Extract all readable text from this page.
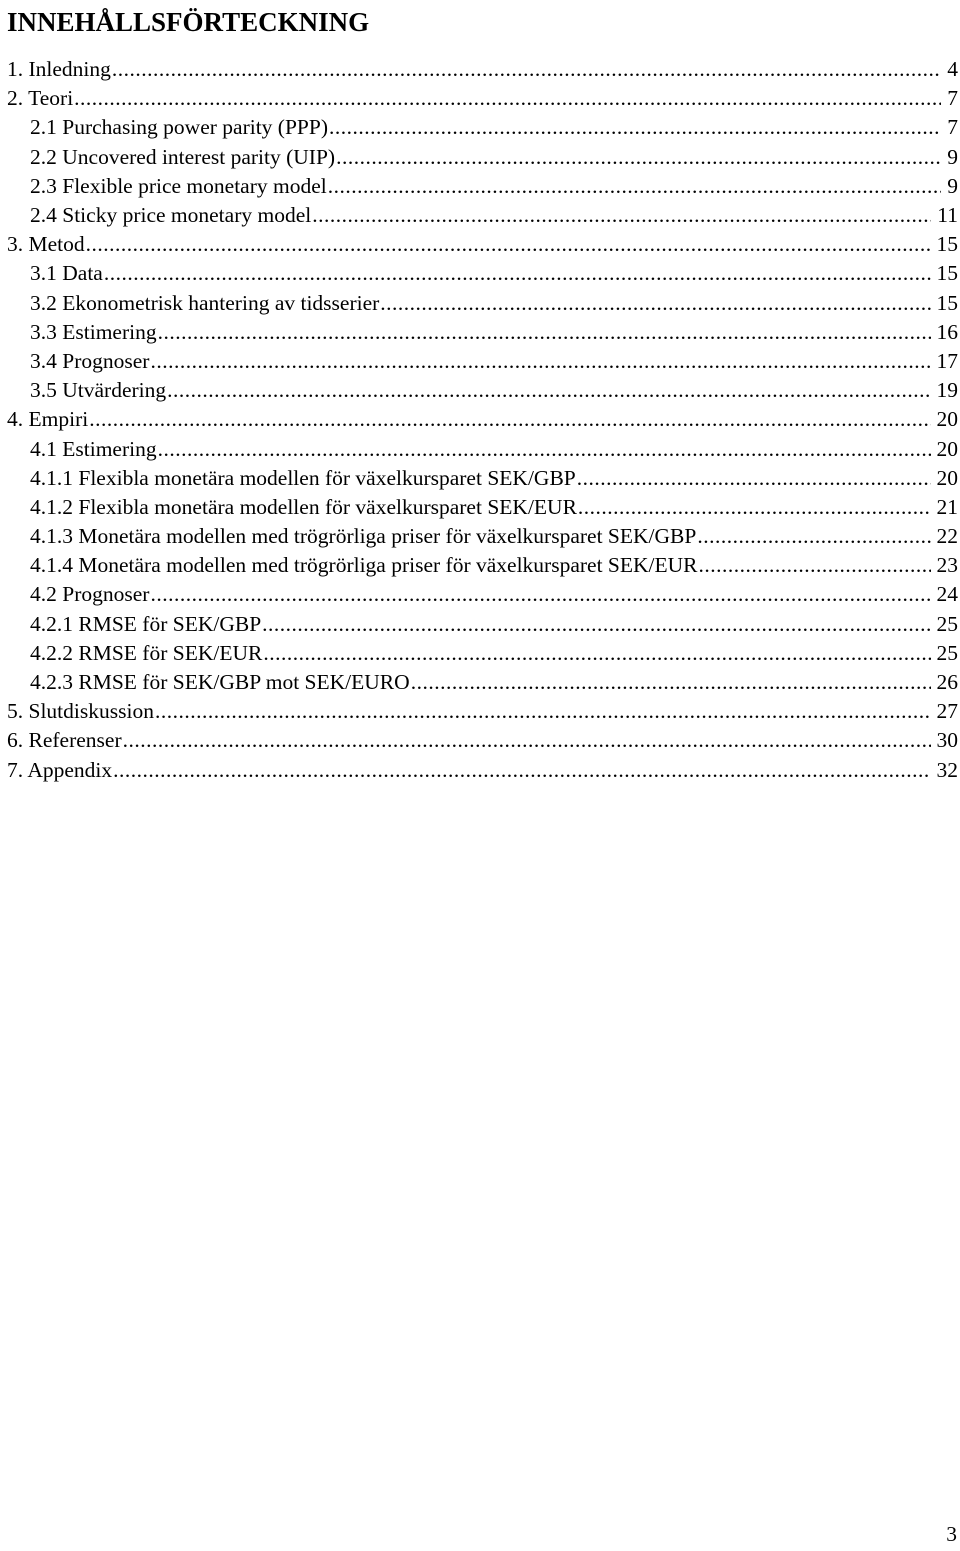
INNEHÅLLSFÖRTECKNING
1. Inledning .....	4
2. Teori .....	7
2.1 Purchasing power parity (PPP) .....	7
2.2 Uncovered interest parity (UIP) .....	9
2.3 Flexible price monetary model .....	9
2.4 Sticky price monetary model .....	11
3. Metod .....	15
3.1 Data .....	15
3.2 Ekonometrisk hantering av tidsserier .....	15
3.3 Estimering .....	16
3.4 Prognoser .....	17
3.5 Utvärdering .....	19
4. Empiri .....	20
4.1 Estimering .....	20
4.1.1 Flexibla monetära modellen för växelkursparet SEK/GBP .....	20
4.1.2 Flexibla monetära modellen för växelkursparet SEK/EUR .....	21
4.1.3 Monetära modellen med trögrörliga priser för växelkursparet SEK/GBP .....	22
4.1.4 Monetära modellen med trögrörliga priser för växelkursparet SEK/EUR .....	23
4.2 Prognoser .....	24
4.2.1 RMSE för SEK/GBP .....	25
4.2.2 RMSE för SEK/EUR .....	25
4.2.3 RMSE för SEK/GBP mot SEK/EURO .....	26
5. Slutdiskussion .....	27
6. Referenser .....	30
7. Appendix .....	32
3
